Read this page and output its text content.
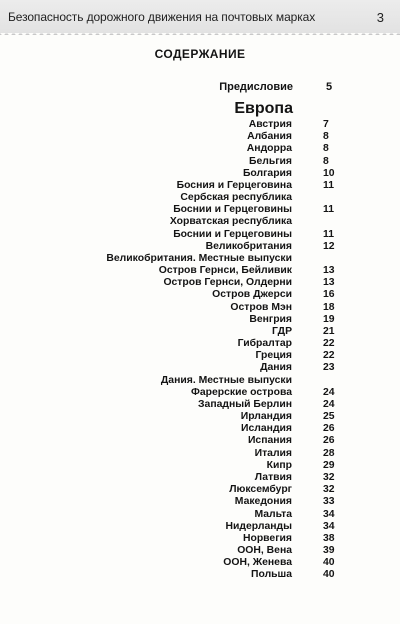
Безопасность дорожного движения на почтовых марках	3
СОДЕРЖАНИЕ
Предисловие	5
Европа
Австрия	7
Албания	8
Андорра	8
Бельгия	8
Болгария	10
Босния и Герцеговина	11
Сербская республика
Боснии и Герцеговины	11
Хорватская республика
Боснии и Герцеговины	11
Великобритания	12
Великобритания. Местные выпуски
Остров Гернси, Бейливик	13
Остров Гернси, Олдерни	13
Остров Джерси	16
Остров Мэн	18
Венгрия	19
ГДР	21
Гибралтар	22
Греция	22
Дания	23
Дания. Местные выпуски
Фарерские острова	24
Западный Берлин	24
Ирландия	25
Исландия	26
Испания	26
Италия	28
Кипр	29
Латвия	32
Люксембург	32
Македония	33
Мальта	34
Нидерланды	34
Норвегия	38
ООН, Вена	39
ООН, Женева	40
Польша	40
